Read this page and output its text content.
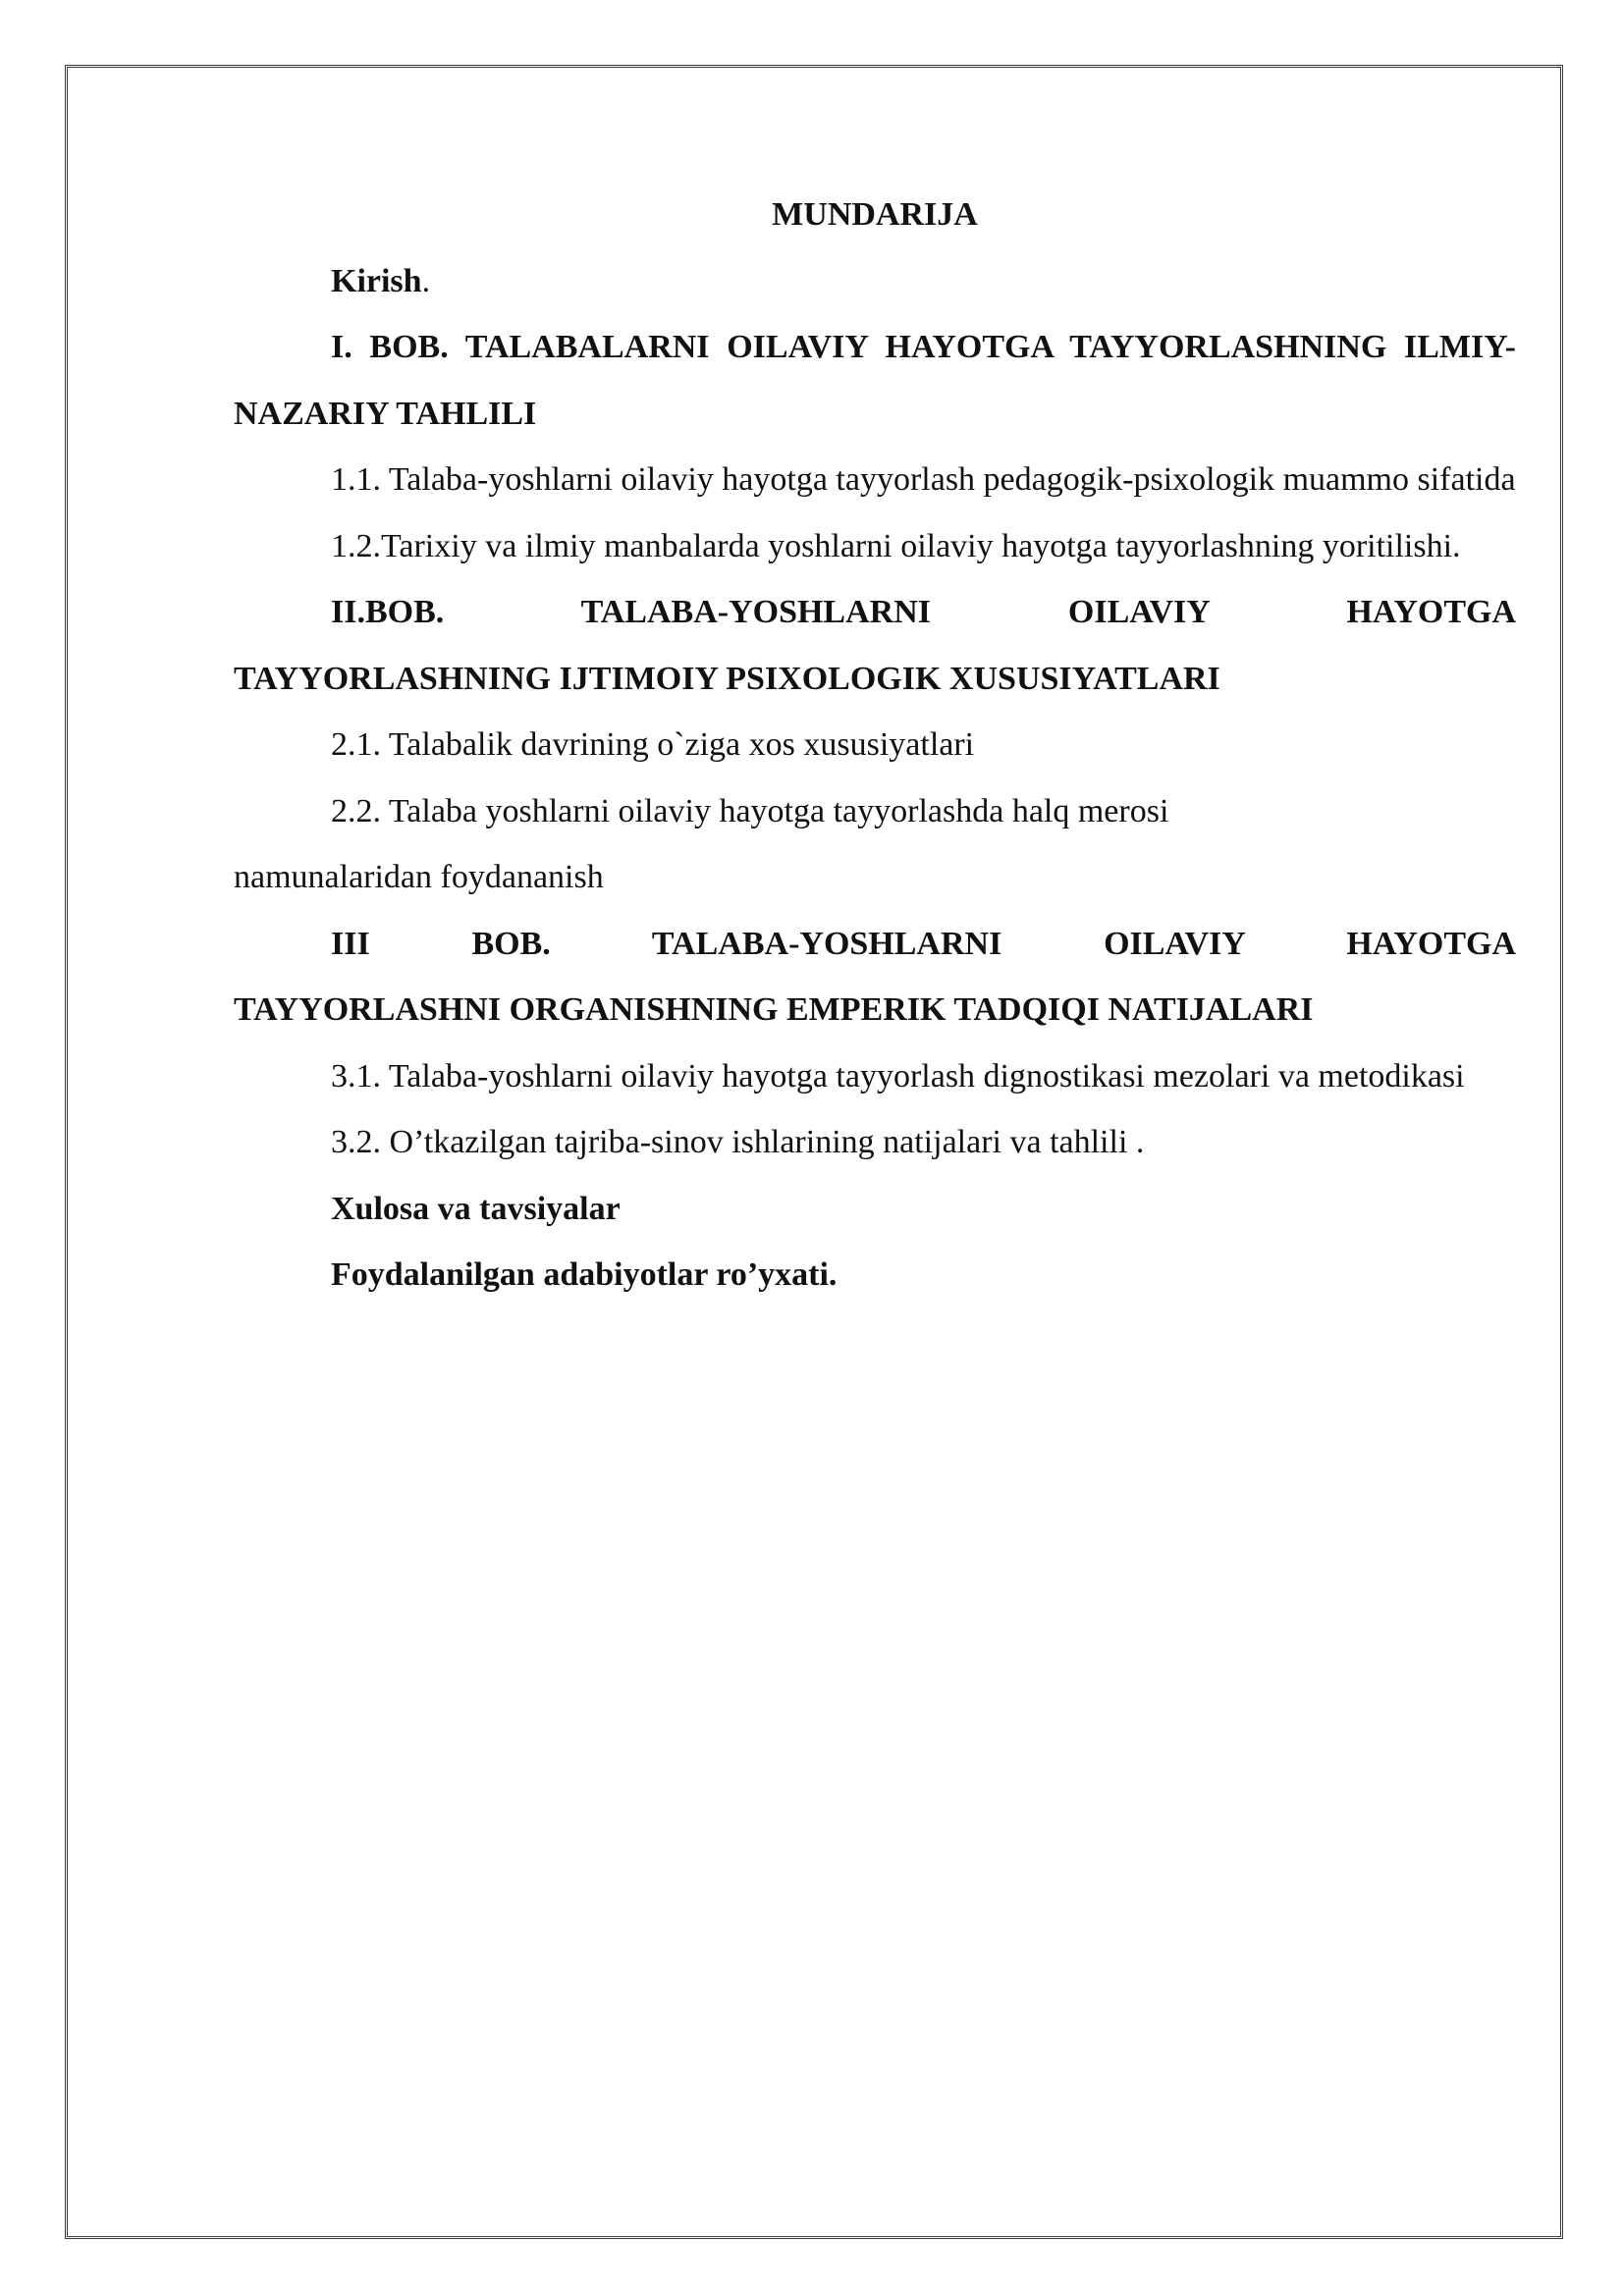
MUNDARIJA

Kirish.

I. BOB. TALABALARNI OILAVIY HAYOTGA TAYYORLASHNING ILMIY-NAZARIY TAHLILI

1.1. Talaba-yoshlarni oilaviy hayotga tayyorlash pedagogik-psixologik muammo sifatida

1.2.Tarixiy va ilmiy manbalarda yoshlarni oilaviy hayotga tayyorlashning yoritilishi.

II.BOB. TALABA-YOSHLARNI OILAVIY HAYOTGA

TAYYORLASHNING IJTIMOIY PSIXOLOGIK XUSUSIYATLARI

2.1. Talabalik davrining o`ziga xos xususiyatlari

2.2. Talaba yoshlarni oilaviy hayotga tayyorlashda halq merosi

namunalaridan foydananish

III BOB. TALABA-YOSHLARNI OILAVIY HAYOTGA

TAYYORLASHNI ORGANISHNING EMPERIK TADQIQI NATIJALARI

3.1. Talaba-yoshlarni oilaviy hayotga tayyorlash dignostikasi mezolari va metodikasi

3.2. O’tkazilgan tajriba-sinov ishlarining natijalari va tahlili .

Xulosa va tavsiyalar

Foydalanilgan adabiyotlar ro’yxati.
